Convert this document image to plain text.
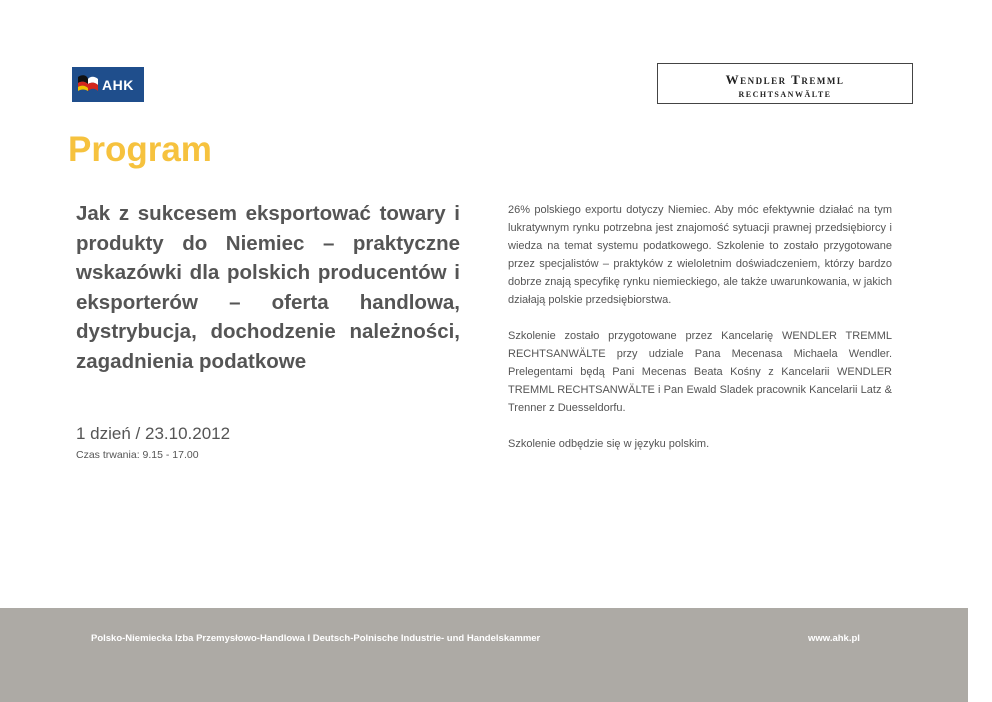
AHK	Wendler Tremml
RECHTSANWÄLTE
Program

Jak z sukcesem eksportować towary i produkty do Niemiec – praktyczne wskazówki dla polskich producentów i eksporterów – oferta handlowa, dystrybucja, dochodzenie należności, zagadnienia podatkowe

1 dzień / 23.10.2012
Czas trwania: 9.15 - 17.00

26% polskiego exportu dotyczy Niemiec. Aby móc efektywnie działać na tym lukratywnym rynku potrzebna jest znajomość sytuacji prawnej przedsiębiorcy i wiedza na temat systemu podatkowego. Szkolenie to zostało przygotowane przez specjalistów – praktyków z wieloletnim doświadczeniem, którzy bardzo dobrze znają specyfikę rynku niemieckiego, ale także uwarunkowania, w jakich działają polskie przedsiębiorstwa.

Szkolenie zostało przygotowane przez Kancelarię WENDLER TREMML RECHTSANWÄLTE przy udziale Pana Mecenasa Michaela Wendler. Prelegentami będą Pani Mecenas Beata Kośny z Kancelarii WENDLER TREMML RECHTSANWÄLTE i Pan Ewald Sladek pracownik Kancelarii Latz & Trenner z Duesseldorfu.

Szkolenie odbędzie się w języku polskim.

Polsko-Niemiecka Izba Przemysłowo-Handlowa I Deutsch-Polnische Industrie- und Handelskammer	www.ahk.pl
